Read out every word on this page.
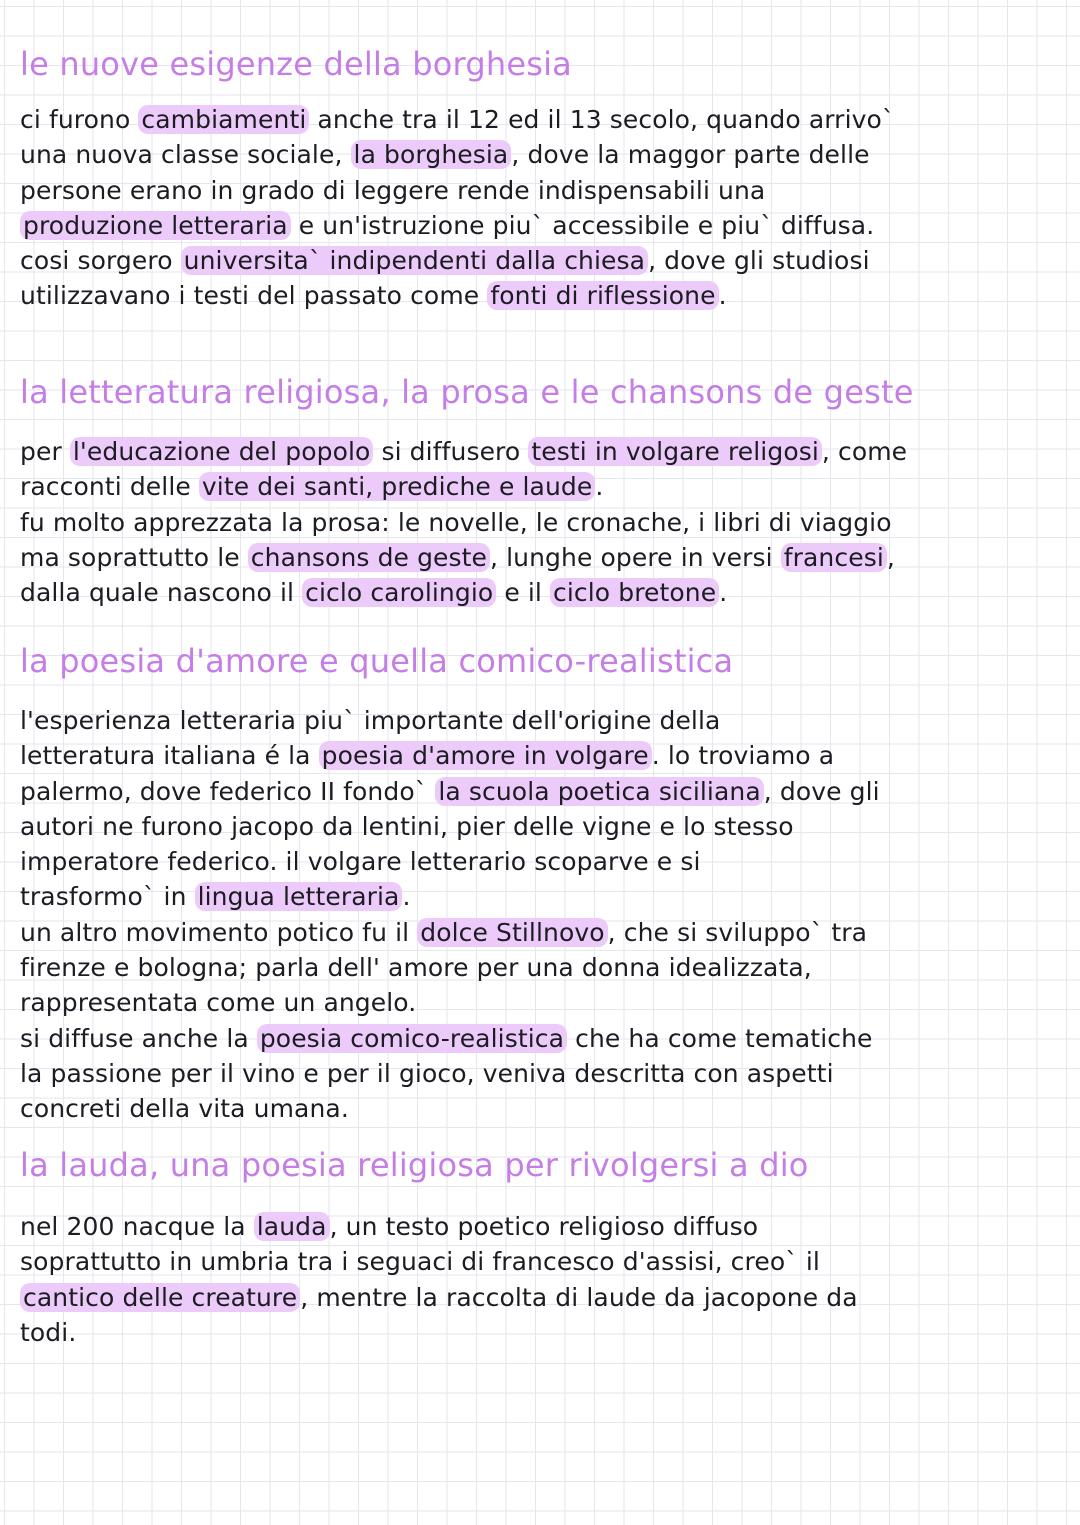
le nuove esigenze della borghesia
ci furono cambiamenti anche tra il 12 ed il 13 secolo, quando arrivo`
una nuova classe sociale, la borghesia , dove la maggor parte delle
persone erano in grado di leggere rende indispensabili una
produzione letteraria e un'istruzione piu` accessibile e piu` diffusa.
cosi sorgero universita` indipendenti dalla chiesa , dove gli studiosi
utilizzavano i testi del passato come fonti di riflessione .
la letteratura religiosa, la prosa e le chansons de geste
per l'educazione del popolo si diffusero testi in volgare religosi , come
racconti delle vite dei santi, prediche e laude .
fu molto apprezzata la prosa: le novelle, le cronache, i libri di viaggio
ma soprattutto le chansons de geste , lunghe opere in versi francesi ,
dalla quale nascono il ciclo carolingio e il ciclo bretone .
la poesia d'amore e quella comico-realistica
l'esperienza letteraria piu` importante dell'origine della
letteratura italiana é la poesia d'amore in volgare . lo troviamo a
palermo, dove federico II fondo` la scuola poetica siciliana , dove gli
autori ne furono jacopo da lentini, pier delle vigne e lo stesso
imperatore federico. il volgare letterario scoparve e si
trasformo` in lingua letteraria .
un altro movimento potico fu il dolce Stillnovo , che si sviluppo` tra
firenze e bologna; parla dell' amore per una donna idealizzata,
rappresentata come un angelo.
si diffuse anche la poesia comico-realistica che ha come tematiche
la passione per il vino e per il gioco, veniva descritta con aspetti
concreti della vita umana.
la lauda, una poesia religiosa per rivolgersi a dio
nel 200 nacque la lauda , un testo poetico religioso diffuso
soprattutto in umbria tra i seguaci di francesco d'assisi, creo` il
cantico delle creature , mentre la raccolta di laude da jacopone da
todi.
